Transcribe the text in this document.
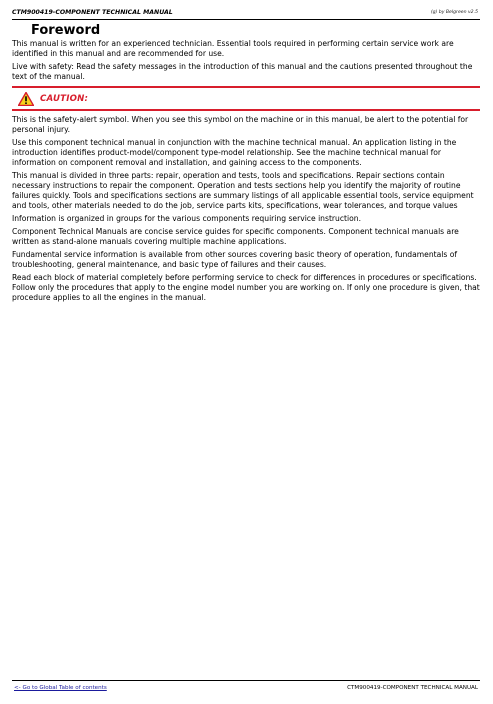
CTM900419-COMPONENT TECHNICAL MANUAL	(g) by Belgreen v2.5
Foreword

This manual is written for an experienced technician. Essential tools required in performing certain service work are identified in this manual and are recommended for use.

Live with safety: Read the safety messages in the introduction of this manual and the cautions presented throughout the text of the manual.

CAUTION:

This is the safety-alert symbol. When you see this symbol on the machine or in this manual, be alert to the potential for personal injury.

Use this component technical manual in conjunction with the machine technical manual. An application listing in the introduction identifies product-model/component type-model relationship. See the machine technical manual for information on component removal and installation, and gaining access to the components.

This manual is divided in three parts: repair, operation and tests, tools and specifications. Repair sections contain necessary instructions to repair the component. Operation and tests sections help you identify the majority of routine failures quickly. Tools and specifications sections are summary listings of all applicable essential tools, service equipment and tools, other materials needed to do the job, service parts kits, specifications, wear tolerances, and torque values

Information is organized in groups for the various components requiring service instruction.

Component Technical Manuals are concise service guides for specific components. Component technical manuals are written as stand-alone manuals covering multiple machine applications.

Fundamental service information is available from other sources covering basic theory of operation, fundamentals of troubleshooting, general maintenance, and basic type of failures and their causes.

Read each block of material completely before performing service to check for differences in procedures or specifications. Follow only the procedures that apply to the engine model number you are working on. If only one procedure is given, that procedure applies to all the engines in the manual.

<- Go to Global Table of contents	CTM900419-COMPONENT TECHNICAL MANUAL
